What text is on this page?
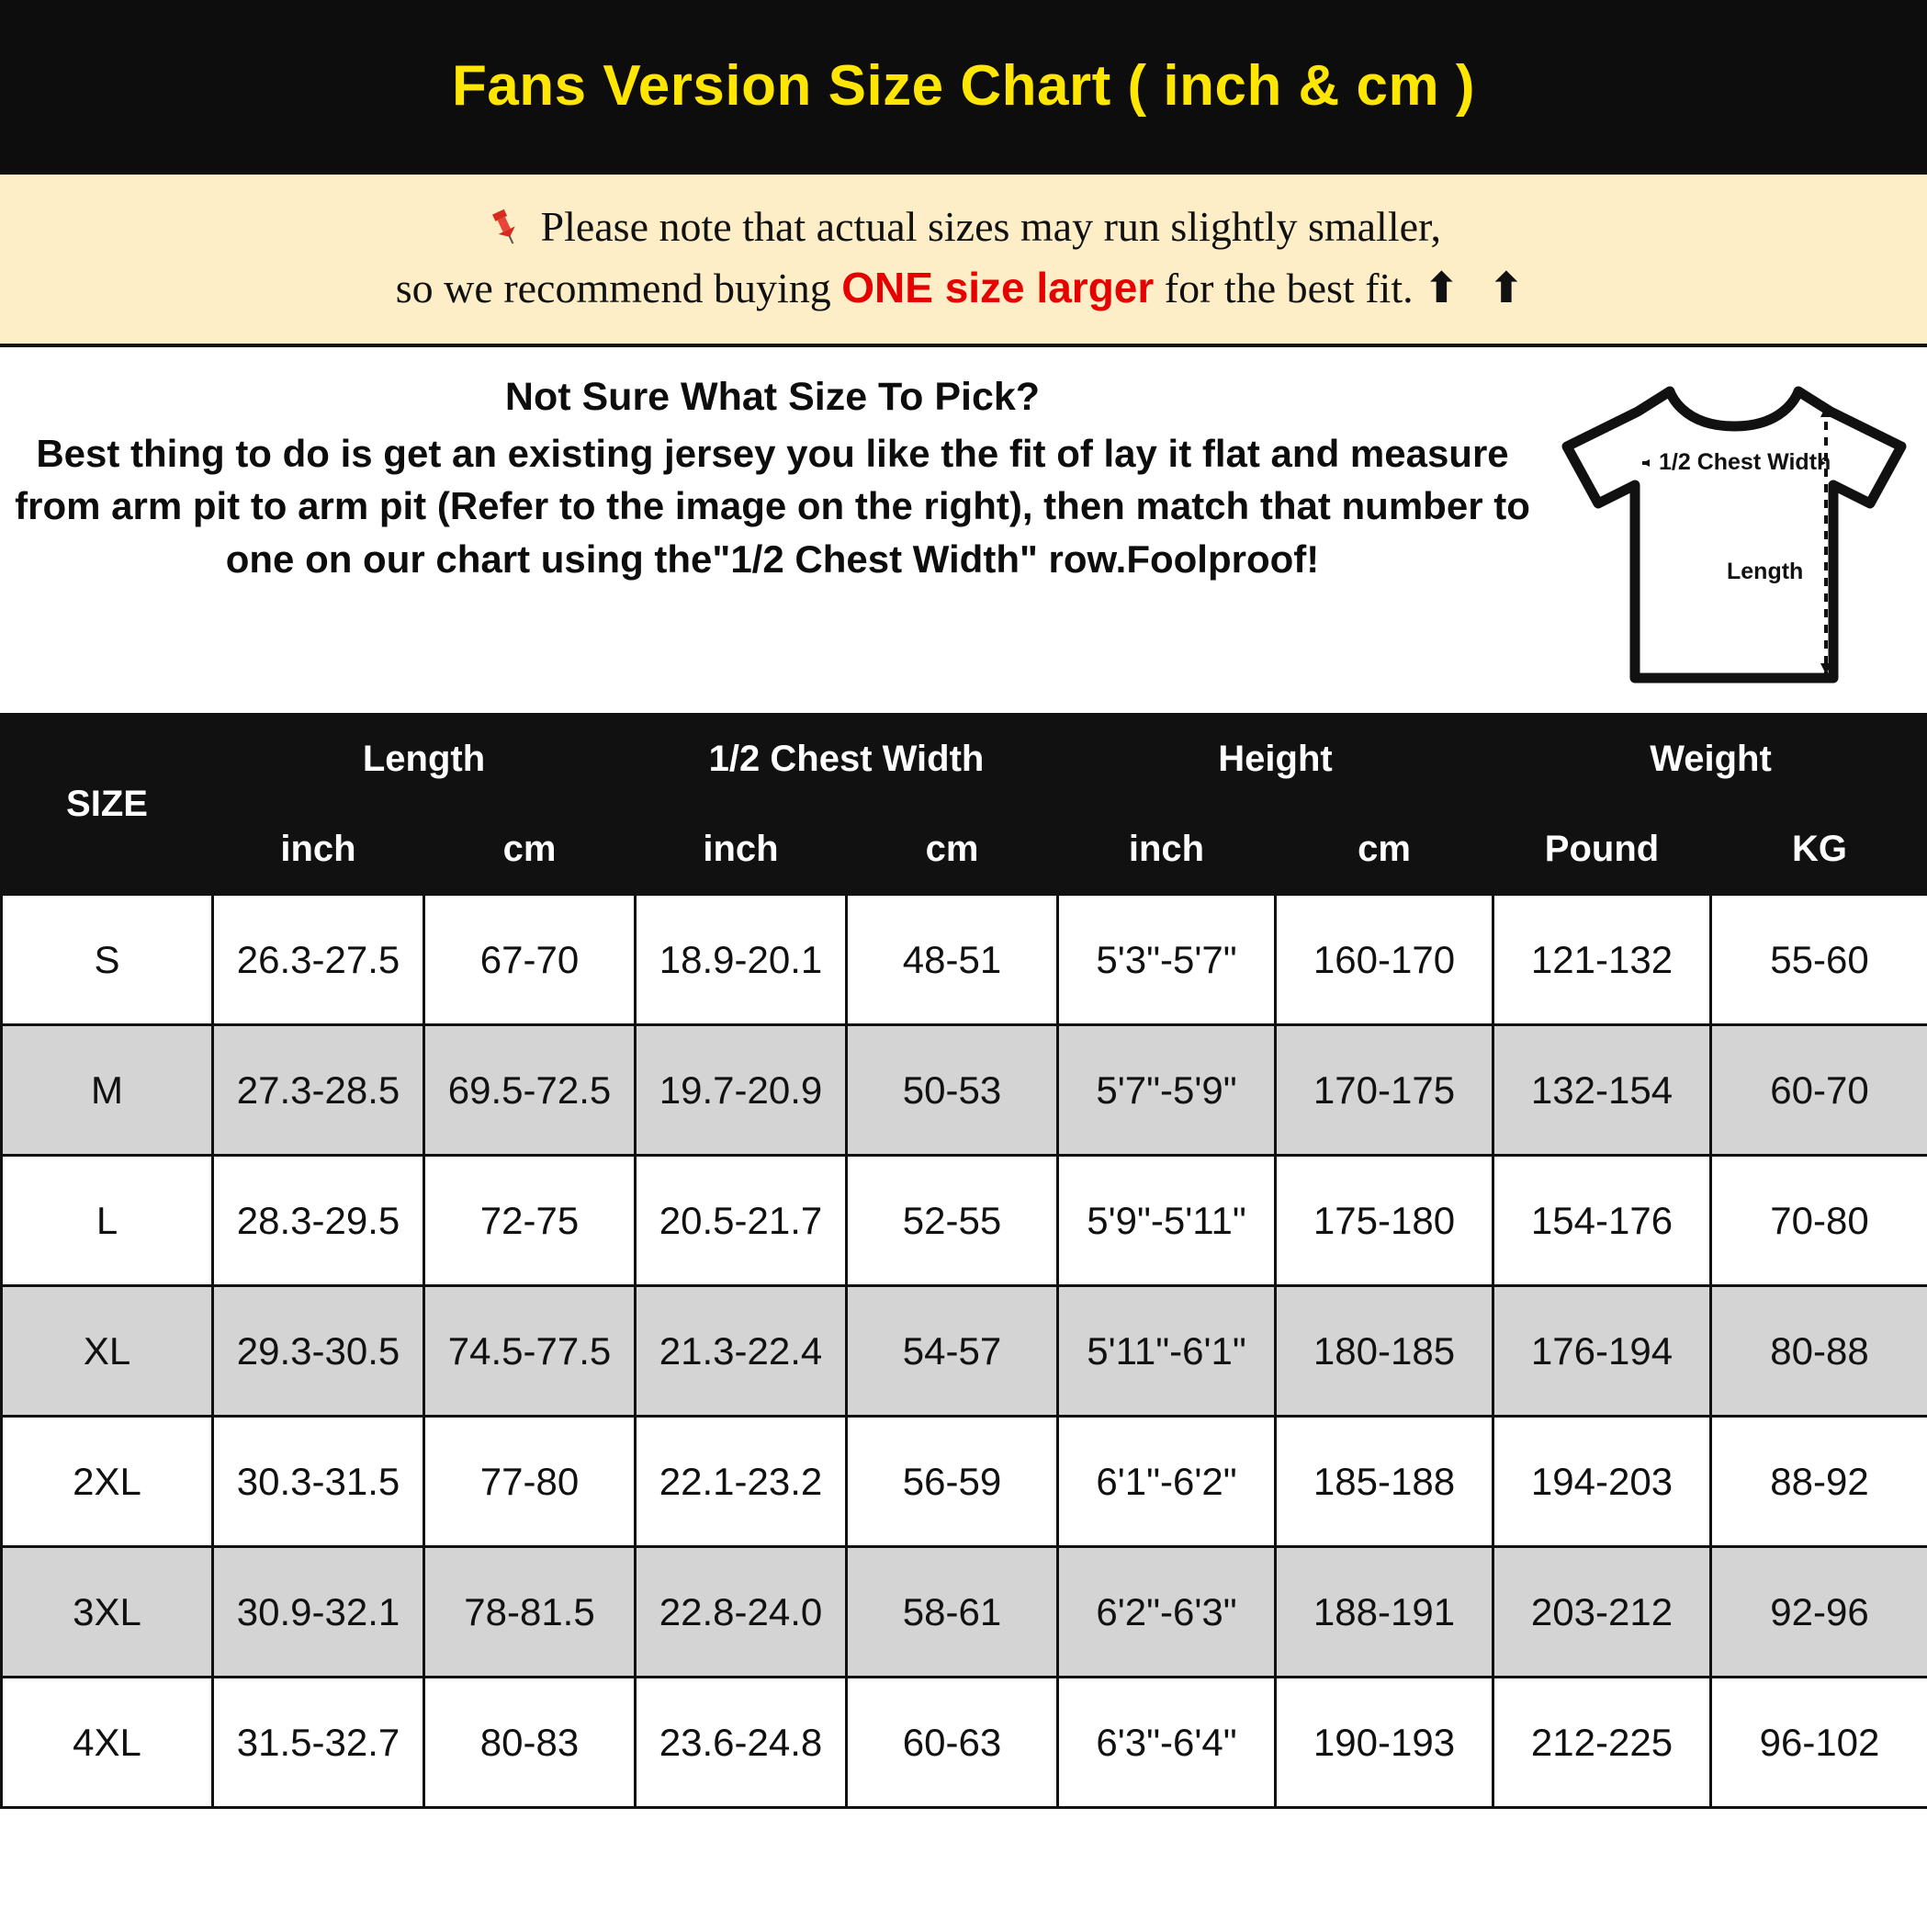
Fans Version Size Chart ( inch & cm )
Please note that actual sizes may run slightly smaller,
so we recommend buying ONE size larger for the best fit. ⬆ ⬆
Not Sure What Size To Pick?
Best thing to do is get an existing jersey you like the fit of lay it flat and measure from arm pit to arm pit (Refer to the image on the right), then match that number to one on our chart using the"1/2 Chest Width" row.Foolproof!
1/2 Chest Width
Length
SIZE	Length		1/2 Chest Width		Height		Weight	
	inch	cm	inch	cm	inch	cm	Pound	KG
S	26.3-27.5	67-70	18.9-20.1	48-51	5'3"-5'7"	160-170	121-132	55-60
M	27.3-28.5	69.5-72.5	19.7-20.9	50-53	5'7"-5'9"	170-175	132-154	60-70
L	28.3-29.5	72-75	20.5-21.7	52-55	5'9"-5'11"	175-180	154-176	70-80
XL	29.3-30.5	74.5-77.5	21.3-22.4	54-57	5'11"-6'1"	180-185	176-194	80-88
2XL	30.3-31.5	77-80	22.1-23.2	56-59	6'1"-6'2"	185-188	194-203	88-92
3XL	30.9-32.1	78-81.5	22.8-24.0	58-61	6'2"-6'3"	188-191	203-212	92-96
4XL	31.5-32.7	80-83	23.6-24.8	60-63	6'3"-6'4"	190-193	212-225	96-102
